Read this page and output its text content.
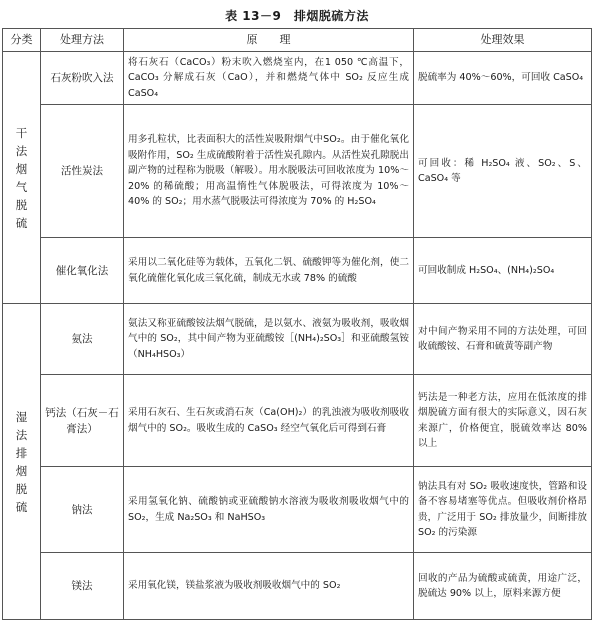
表 13－9　排烟脱硫方法
分类	处理方法	原　　理	处理效果

干法烟气脱硫	石灰粉吹入法	将石灰石（CaCO₃）粉末吹入燃烧室内，在1 050 ℃高温下，CaCO₃ 分解成石灰（CaO），并和燃烧气体中 SO₂ 反应生成 CaSO₄	脱硫率为 40%～60%，可回收 CaSO₄
	活性炭法	用多孔粒状，比表面积大的活性炭吸附烟气中SO₂。由于催化氧化吸附作用，SO₂ 生成硫酸附着于活性炭孔隙内。从活性炭孔隙脱出副产物的过程称为脱吸（解吸）。用水脱吸法可回收浓度为 10%～20% 的稀硫酸；用高温惰性气体脱吸法，可得浓度为 10%～40% 的 SO₂；用水蒸气脱吸法可得浓度为 70% 的 H₂SO₄	可回收：稀 H₂SO₄ 液、SO₂、S、CaSO₄ 等
	催化氧化法	采用以二氧化硅等为载体，五氧化二钒、硫酸钾等为催化剂，使二氧化硫催化氧化成三氧化硫，制成无水或 78% 的硫酸	可回收制成 H₂SO₄、(NH₄)₂SO₄

湿法排烟脱硫	氨法	氨法又称亚硫酸铵法烟气脱硫，是以氨水、液氨为吸收剂，吸收烟气中的 SO₂，其中间产物为亚硫酸铵［(NH₄)₂SO₃］和亚硫酸氢铵（NH₄HSO₃）	对中间产物采用不同的方法处理，可回收硫酸铵、石膏和硫黄等副产物
	钙法（石灰－石膏法）	采用石灰石、生石灰或消石灰（Ca(OH)₂）的乳浊液为吸收剂吸收烟气中的 SO₂。吸收生成的 CaSO₃ 经空气氧化后可得到石膏	钙法是一种老方法，应用在低浓度的排烟脱硫方面有很大的实际意义，因石灰来源广，价格便宜，脱硫效率达 80% 以上
	钠法	采用氢氧化钠、硫酸钠或亚硫酸钠水溶液为吸收剂吸收烟气中的 SO₂，生成 Na₂SO₃ 和 NaHSO₃	钠法具有对 SO₂ 吸收速度快，管路和设备不容易堵塞等优点。但吸收剂价格昂贵，广泛用于 SO₂ 排放量少，间断排放 SO₂ 的污染源
	镁法	采用氧化镁，镁盐浆液为吸收剂吸收烟气中的 SO₂	回收的产品为硫酸或硫黄，用途广泛，脱硫达 90% 以上，原料来源方便
